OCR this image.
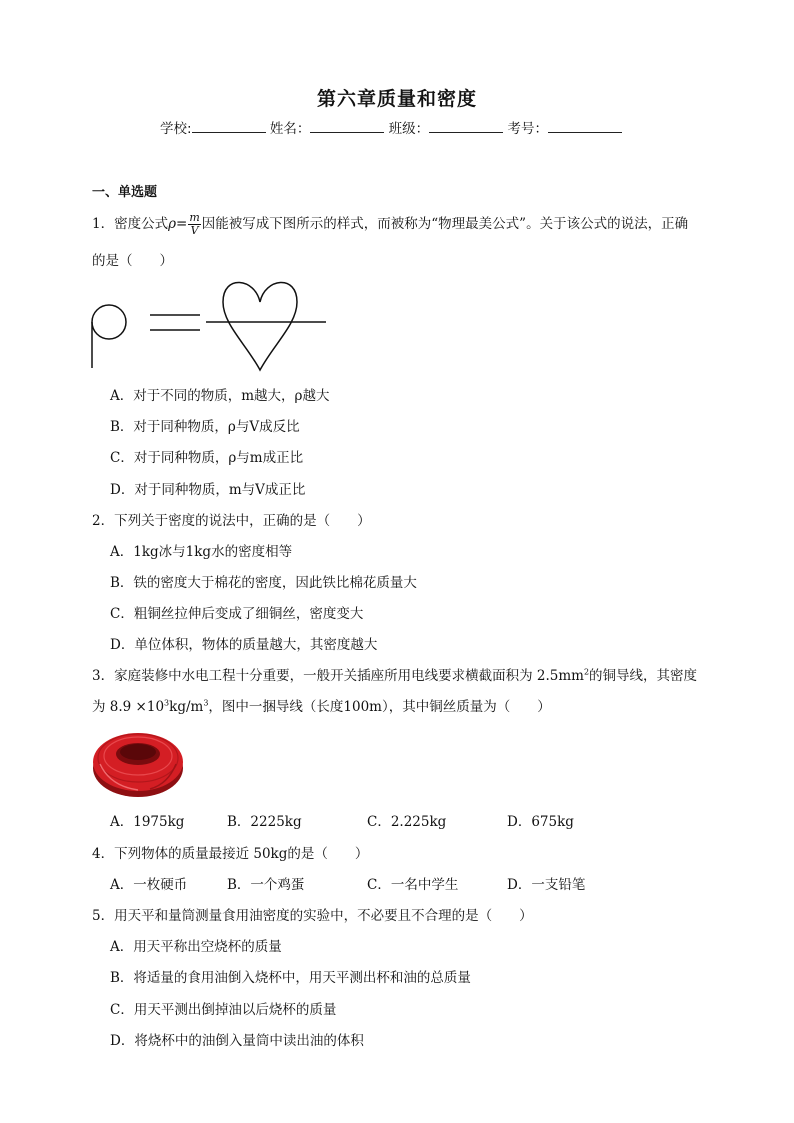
第六章质量和密度
学校:	姓名：	班级：	考号：
一、单选题
1．密度公式$\rho= \frac{m}{V}$ 因能被写成下图所示的样式，而被称为“物理最美公式”。关于该公式的说法，正确
的是（　　）
A．对于不同的物质，m越大，ρ越大
B．对于同种物质，ρ与V成反比
C．对于同种物质，ρ与m成正比
D．对于同种物质，m与V成正比
2．下列关于密度的说法中，正确的是（　　）
A．1kg冰与1kg水的密度相等
B．铁的密度大于棉花的密度，因此铁比棉花质量大
C．粗铜丝拉伸后变成了细铜丝，密度变大
D．单位体积，物体的质量越大，其密度越大
3．家庭装修中水电工程十分重要，一般开关插座所用电线要求横截面积为 $2.5mm^2$的铜导线，其密度
为 $8.9 \times 10^3kg/m^3$，图中一捆导线（长度100m），其中铜丝质量为（　　）
A．1975kg	B．2225kg	C．2.225kg	D．675kg
4．下列物体的质量最接近 50kg的是（　　）
A．一枚硬币	B．一个鸡蛋	C．一名中学生	D．一支铅笔
5．用天平和量筒测量食用油密度的实验中，不必要且不合理的是（　　）
A．用天平称出空烧杯的质量
B．将适量的食用油倒入烧杯中，用天平测出杯和油的总质量
C．用天平测出倒掉油以后烧杯的质量
D．将烧杯中的油倒入量筒中读出油的体积
